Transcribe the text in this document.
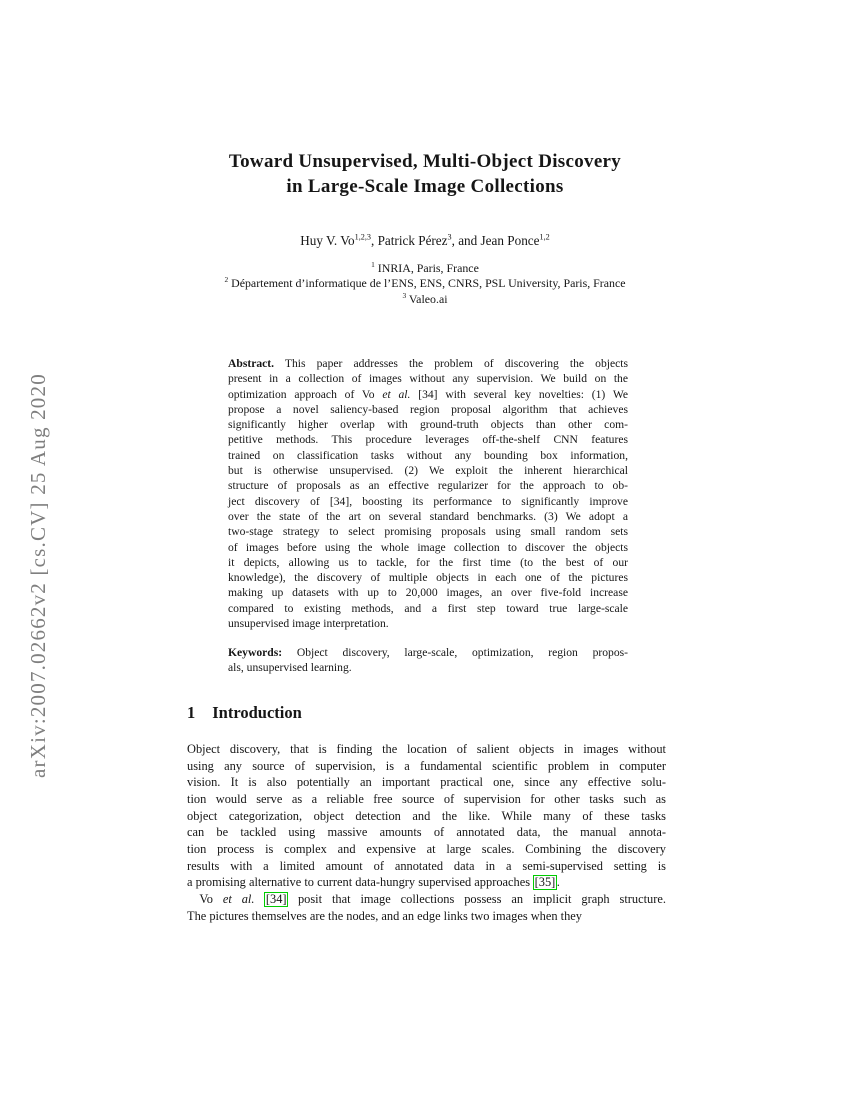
arXiv:2007.02662v2 [cs.CV] 25 Aug 2020
Toward Unsupervised, Multi-Object Discovery
in Large-Scale Image Collections
Huy V. Vo$^{1,2,3}$, Patrick Pérez$^3$, and Jean Ponce$^{1,2}$
$^1$ INRIA, Paris, France
$^2$ Département d’informatique de l’ENS, ENS, CNRS, PSL University, Paris, France
$^3$ Valeo.ai
Abstract. This paper addresses the problem of discovering the objects
present in a collection of images without any supervision. We build on the
optimization approach of Vo et al. [34] with several key novelties: (1) We
propose a novel saliency-based region proposal algorithm that achieves
significantly higher overlap with ground-truth objects than other com-
petitive methods. This procedure leverages off-the-shelf CNN features
trained on classification tasks without any bounding box information,
but is otherwise unsupervised. (2) We exploit the inherent hierarchical
structure of proposals as an effective regularizer for the approach to ob-
ject discovery of [34], boosting its performance to significantly improve
over the state of the art on several standard benchmarks. (3) We adopt a
two-stage strategy to select promising proposals using small random sets
of images before using the whole image collection to discover the objects
it depicts, allowing us to tackle, for the first time (to the best of our
knowledge), the discovery of multiple objects in each one of the pictures
making up datasets with up to 20,000 images, an over five-fold increase
compared to existing methods, and a first step toward true large-scale
unsupervised image interpretation.
Keywords: Object discovery, large-scale, optimization, region propos-
als, unsupervised learning.
1 Introduction
Object discovery, that is finding the location of salient objects in images without
using any source of supervision, is a fundamental scientific problem in computer
vision. It is also potentially an important practical one, since any effective solu-
tion would serve as a reliable free source of supervision for other tasks such as
object categorization, object detection and the like. While many of these tasks
can be tackled using massive amounts of annotated data, the manual annota-
tion process is complex and expensive at large scales. Combining the discovery
results with a limited amount of annotated data in a semi-supervised setting is
a promising alternative to current data-hungry supervised approaches [35] .
 Vo et al. [34] posit that image collections possess an implicit graph structure.
The pictures themselves are the nodes, and an edge links two images when they
